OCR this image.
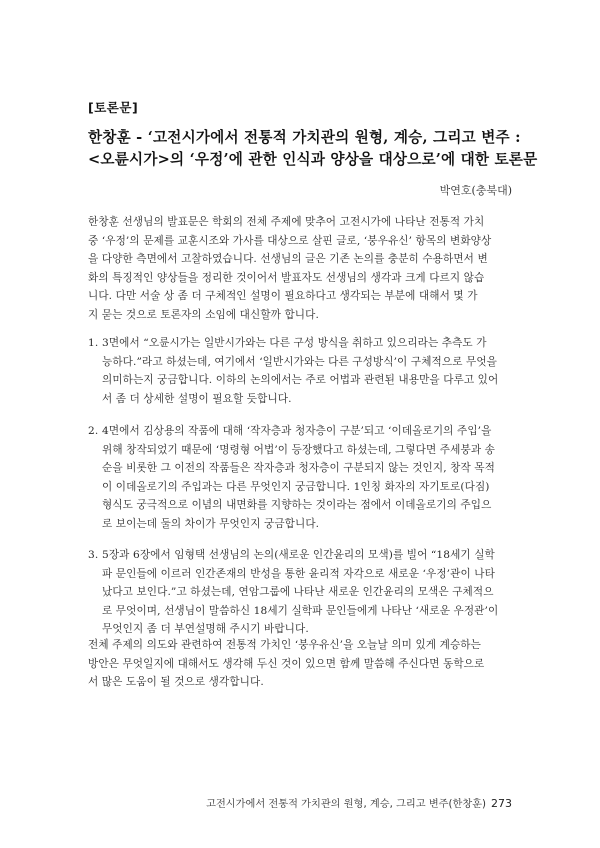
[토론문]
한창훈 - ‘고전시가에서 전통적 가치관의 원형, 계승, 그리고 변주 :
<오륜시가>의 ‘우정’에 관한 인식과 양상을 대상으로’에 대한 토론문
박연호(충북대)

한창훈 선생님의 발표문은 학회의 전체 주제에 맞추어 고전시가에 나타난 전통적 가치
중 ‘우정’의 문제를 교훈시조와 가사를 대상으로 살핀 글로, ‘붕우유신’ 항목의 변화양상
을 다양한 측면에서 고찰하였습니다. 선생님의 글은 기존 논의를 충분히 수용하면서 변
화의 특징적인 양상들을 정리한 것이어서 발표자도 선생님의 생각과 크게 다르지 않습
니다. 다만 서술 상 좀 더 구체적인 설명이 필요하다고 생각되는 부분에 대해서 몇 가
지 묻는 것으로 토론자의 소임에 대신할까 합니다.

1. 3면에서 “오륜시가는 일반시가와는 다른 구성 방식을 취하고 있으리라는 추측도 가
능하다.”라고 하셨는데, 여기에서 ‘일반시가와는 다른 구성방식’이 구체적으로 무엇을
의미하는지 궁금합니다. 이하의 논의에서는 주로 어법과 관련된 내용만을 다루고 있어
서 좀 더 상세한 설명이 필요할 듯합니다.
2. 4면에서 김상용의 작품에 대해 ‘작자층과 청자층이 구분’되고 ‘이데올로기의 주입’을
위해 창작되었기 때문에 ‘명령형 어법’이 등장했다고 하셨는데, 그렇다면 주세붕과 송
순을 비롯한 그 이전의 작품들은 작자층과 청자층이 구분되지 않는 것인지, 창작 목적
이 이데올로기의 주입과는 다른 무엇인지 궁금합니다. 1인칭 화자의 자기토로(다짐)
형식도 궁극적으로 이념의 내면화를 지향하는 것이라는 점에서 이데올로기의 주입으
로 보이는데 둘의 차이가 무엇인지 궁금합니다.
3. 5장과 6장에서 임형택 선생님의 논의(새로운 인간윤리의 모색)를 빌어 “18세기 실학
파 문인들에 이르러 인간존재의 반성을 통한 윤리적 자각으로 새로운 ‘우정’관이 나타
났다고 보인다.”고 하셨는데, 연암그룹에 나타난 새로운 인간윤리의 모색은 구체적으
로 무엇이며, 선생님이 말씀하신 18세기 실학파 문인들에게 나타난 ‘새로운 우정관’이
무엇인지 좀 더 부연설명해 주시기 바랍니다.

전체 주제의 의도와 관련하여 전통적 가치인 ‘붕우유신’을 오늘날 의미 있게 계승하는
방안은 무엇일지에 대해서도 생각해 두신 것이 있으면 함께 말씀해 주신다면 동학으로
서 많은 도움이 될 것으로 생각합니다.

고전시가에서 전통적 가치관의 원형, 계승, 그리고 변주(한창훈) 273
